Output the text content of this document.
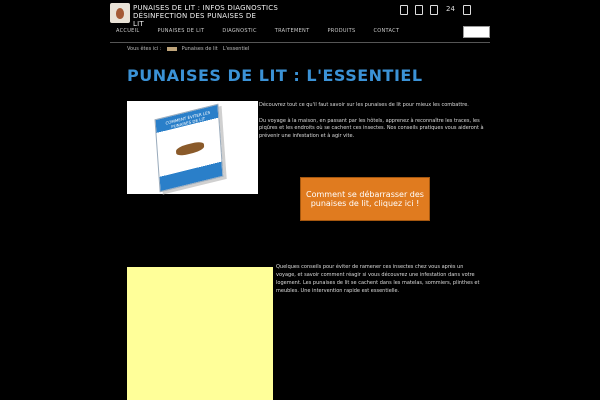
PUNAISES DE LIT : INFOS DIAGNOSTICS
DÉSINFECTION DES PUNAISES DE
LIT
24
ACCUEIL	PUNAISES DE LIT	DIAGNOSTIC	TRAITEMENT	PRODUITS	CONTACT
Vous êtes ici :	Punaises de lit L'essentiel
PUNAISES DE LIT : L'ESSENTIEL
COMMENT ÉVITER LES PUNAISES DE LIT

Découvrez tout ce qu'il faut savoir sur les punaises de lit pour mieux les combattre.

Du voyage à la maison, en passant par les hôtels, apprenez à reconnaître les traces, les piqûres et les endroits où se cachent ces insectes. Nos conseils pratiques vous aideront à prévenir une infestation et à agir vite.

Comment se débarrasser des punaises de lit, cliquez ici !
Quelques conseils pour éviter de ramener ces insectes chez vous après un voyage, et savoir comment réagir si vous découvrez une infestation dans votre logement. Les punaises de lit se cachent dans les matelas, sommiers, plinthes et meubles. Une intervention rapide est essentielle.
